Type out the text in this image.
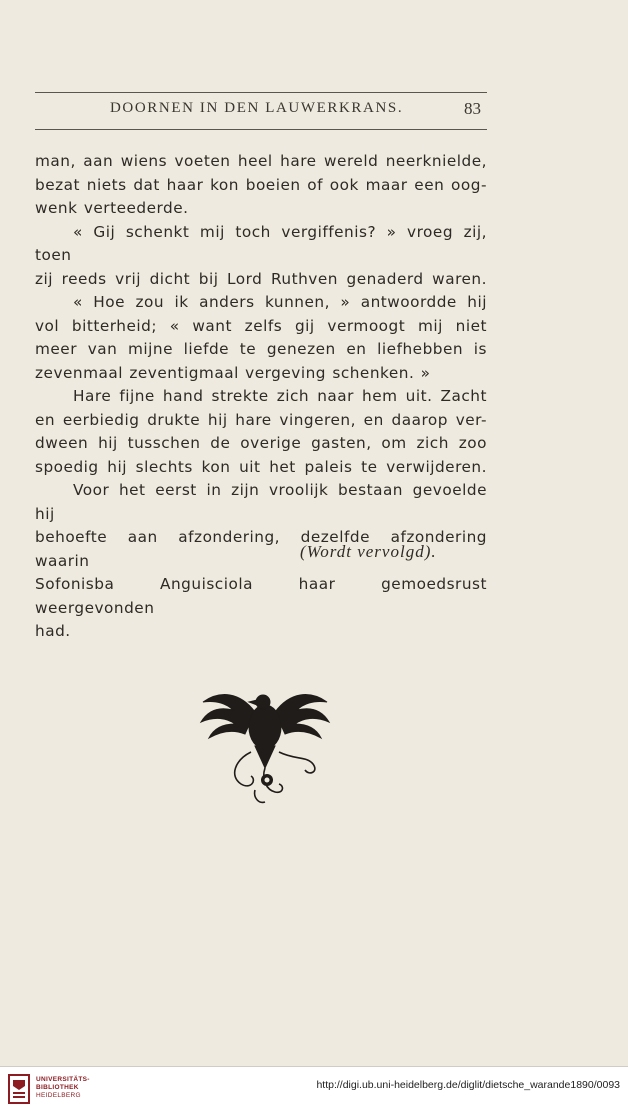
DOORNEN IN DEN LAUWERKRANS.	83

man, aan wiens voeten heel hare wereld neerknielde,

bezat niets dat haar kon boeien of ook maar een oog-

wenk verteederde.

« Gij schenkt mij toch vergiffenis? » vroeg zij, toen

zij reeds vrij dicht bij Lord Ruthven genaderd waren.

« Hoe zou ik anders kunnen, » antwoordde hij

vol bitterheid; « want zelfs gij vermoogt mij niet

meer van mijne liefde te genezen en liefhebben is

zevenmaal zeventigmaal vergeving schenken. »

Hare fijne hand strekte zich naar hem uit. Zacht

en eerbiedig drukte hij hare vingeren, en daarop ver-

dween hij tusschen de overige gasten, om zich zoo

spoedig hij slechts kon uit het paleis te verwijderen.

Voor het eerst in zijn vroolijk bestaan gevoelde hij

behoefte aan afzondering, dezelfde afzondering waarin

Sofonisba Anguisciola haar gemoedsrust weergevonden

had.

(Wordt vervolgd).
UNIVERSITÄTS-
BIBLIOTHEK
HEIDELBERG
http://digi.ub.uni-heidelberg.de/diglit/dietsche_warande1890/0093
